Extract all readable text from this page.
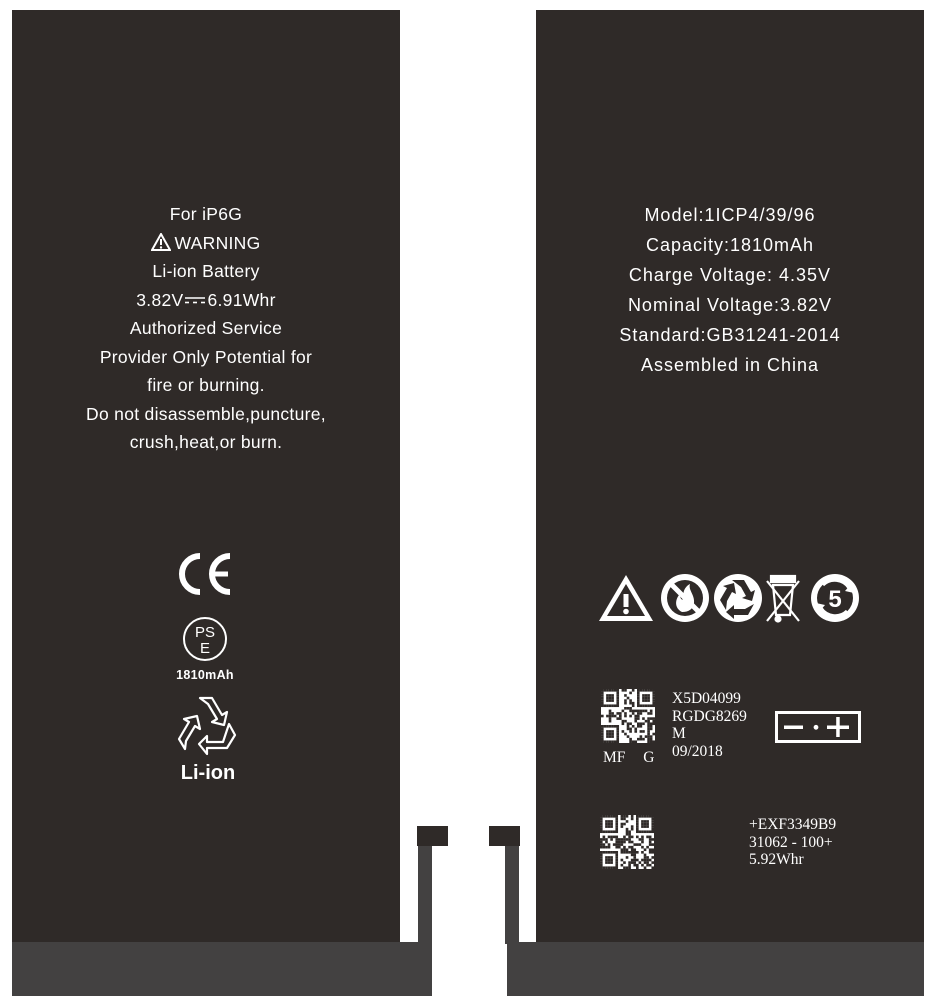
For iP6G
WARNING
Li-ion Battery
3.82V 6.91Whr
Authorized Service
Provider Only Potential for
fire or burning.
Do not disassemble,puncture,
crush,heat,or burn.
PS
E
1810mAh
Li-ion
Model:1ICP4/39/96
Capacity:1810mAh
Charge Voltage: 4.35V
Nominal Voltage:3.82V
Standard:GB31241-2014
Assembled in China
5
MF G
X5D04099
RGDG8269
M
09/2018
+EXF3349B9
31062 - 100+
5.92Whr
